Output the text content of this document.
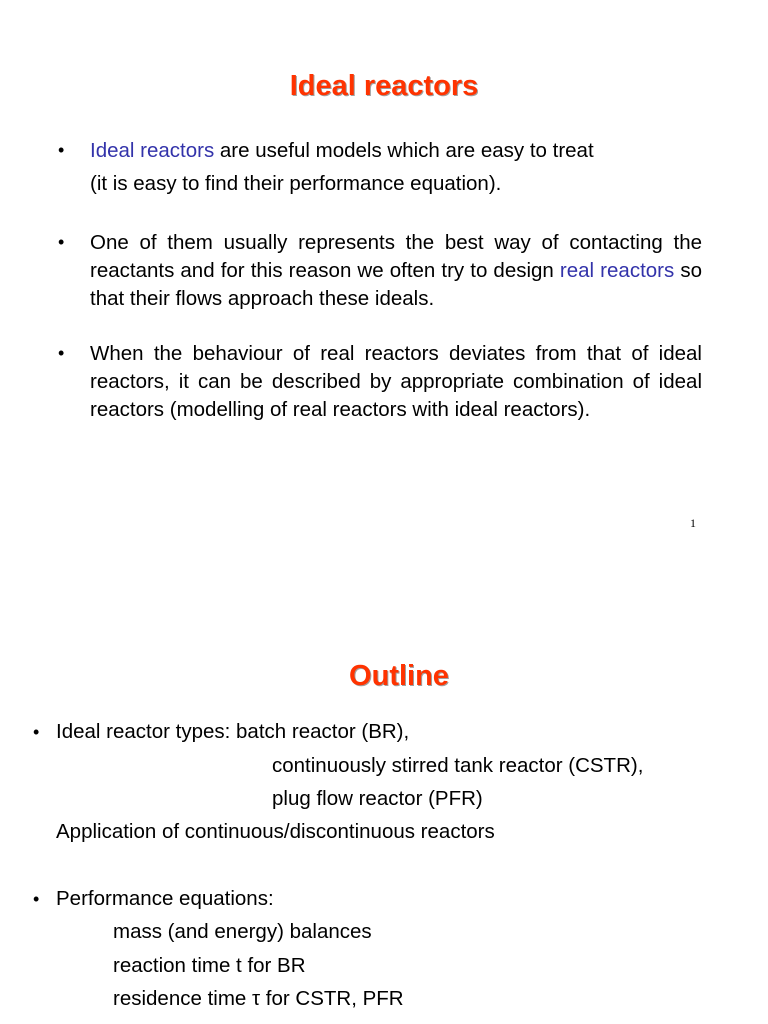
Ideal reactors
• Ideal reactors are useful models which are easy to treat
(it is easy to find their performance equation).
• One of them usually represents the best way of contacting the reactants and for this reason we often try to design real reactors so that their flows approach these ideals.
• When the behaviour of real reactors deviates from that of ideal reactors, it can be described by appropriate combination of ideal reactors (modelling of real reactors with ideal reactors).
1
Outline
• Ideal reactor types: batch reactor (BR),
continuously stirred tank reactor (CSTR),
plug flow reactor (PFR)
Application of continuous/discontinuous reactors
• Performance equations:
mass (and energy) balances
reaction time t for BR
residence time τ for CSTR, PFR
